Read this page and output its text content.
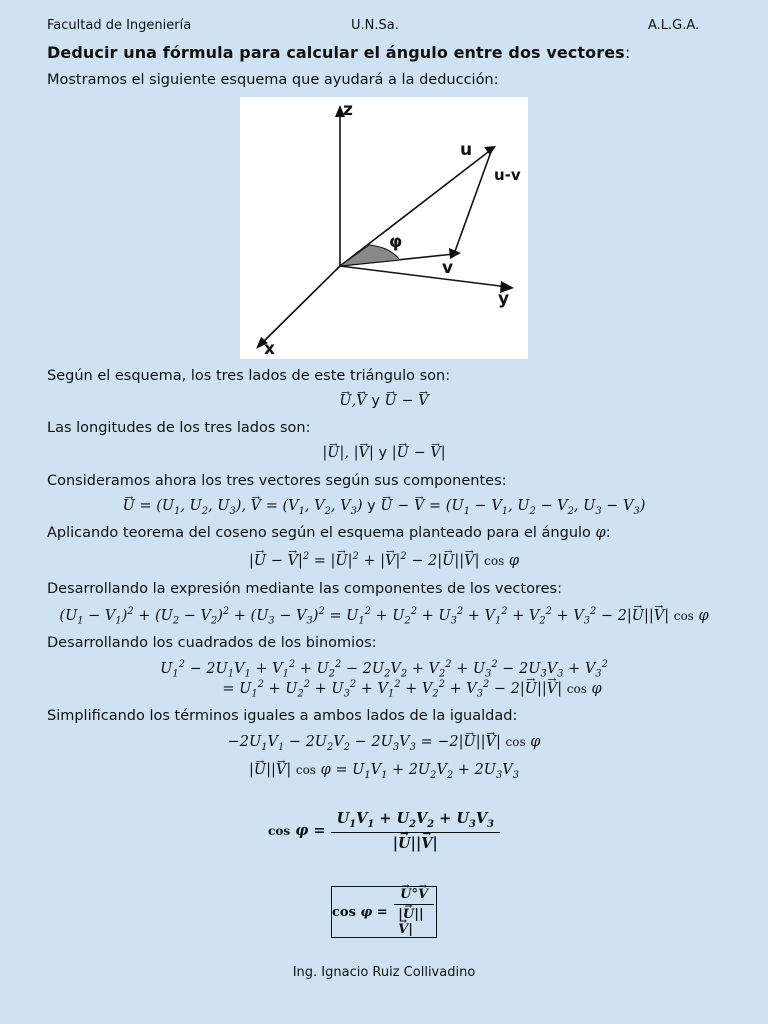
Facultad de Ingeniería	U.N.Sa.	A.L.G.A.
Deducir una fórmula para calcular el ángulo entre dos vectores:
Mostramos el siguiente esquema que ayudará a la deducción:
z
y
x
u
v
u-v
φ
Según el esquema, los tres lados de este triángulo son:
→ U,→ V y → U − → V
Las longitudes de los tres lados son:
|→ U|, |→ V| y |→ U − → V|
Consideramos ahora los tres vectores según sus componentes:
→ $U = (U_1$, $U_2$, $U_3$), → $V = (V_1$, $V_2$, $V_3$) y → U − → $V = (U_1 - V_1$, $U_2 - V_2$, $U_3 - V_3$)
Aplicando teorema del coseno según el esquema planteado para el ángulo φ:
|→ U − → $V|^2$ = |→ $U|^2$ + |→ $V|^2 - 2|\to U||\to V|$ cos φ
Desarrollando la expresión mediante las componentes de los vectores:
$(U_1 - V_1)^2 + (U_2 - V_2)^2 + (U_3 - V_3)^2 = U_1^2 + U_2^2 + U_3^2 + V_1^2 + V_2^2 + V_3^2 - 2|\to U||\to V|$ cos φ
Desarrollando los cuadrados de los binomios:
$U_1^2 - 2U_1V_1 + V_1^2 + U_2^2 - 2U_2V_2 + V_2^2 + U_3^2 - 2U_3V_3 + V_3^2$
= $U_1^2 + U_2^2 + U_3^2 + V_1^2 + V_2^2 + V_3^2 - 2|\to U||\to V|$ cos φ
Simplificando los términos iguales a ambos lados de la igualdad:
$-2U_1V_1 - 2U_2V_2 - 2U_3V_3 = -2|\to U||\to V|$ cos φ
|→ U||→ V| $\cos \varphi = U_1V_1 + 2U_2V_2 + 2U_3V_3$
$\cos \varphi = \frac{U_1V_1 + U_2V_2 + U_3V_3}{|\to U||\to V|}$
cos
φ = → $\frac{U^\circ\to V}{|\to U||\to V|}$
Ing. Ignacio Ruiz Collivadino
